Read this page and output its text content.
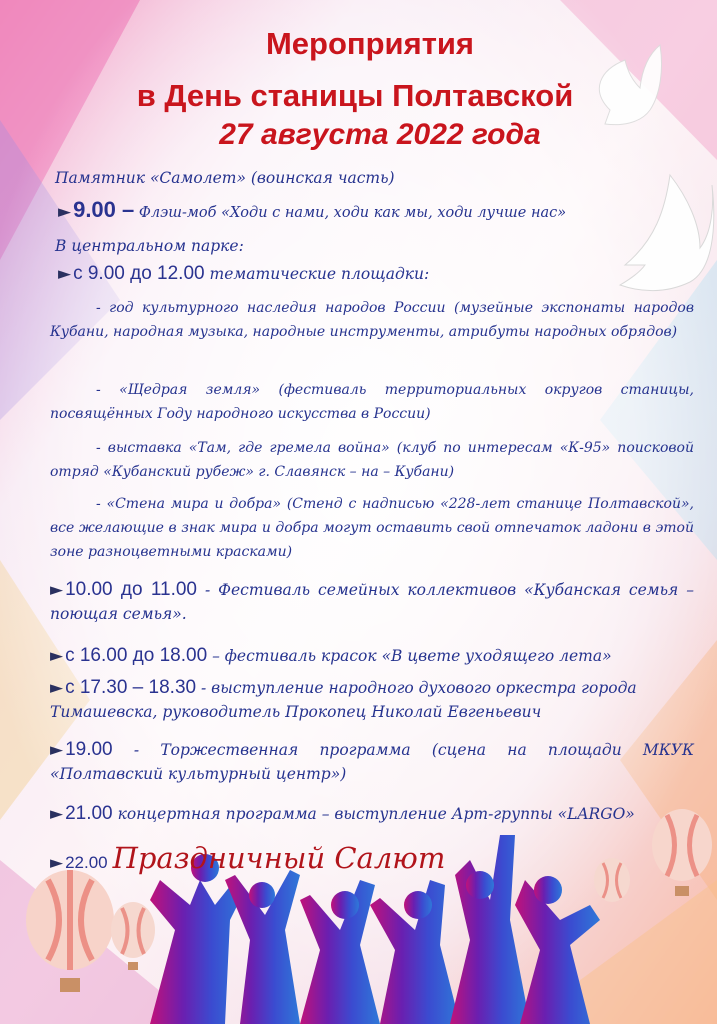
Мероприятия
в День станицы Полтавской
27 августа 2022 года
Памятник «Самолет» (воинская часть)
►9.00 – Флэш-моб «Ходи с нами, ходи как мы, ходи лучше нас»
В центральном парке:
► с 9.00 до 12.00 тематические площадки:
- год культурного наследия народов России (музейные экспонаты народов Кубани, народная музыка, народные инструменты, атрибуты народных обрядов)
- «Щедрая земля» (фестиваль территориальных округов станицы, посвящённых Году народного искусства в России)
- выставка «Там, где гремела война» (клуб по интересам «К-95» поисковой отряд «Кубанский рубеж» г. Славянск – на – Кубани)
- «Стена мира и добра» (Стенд с надписью «228-лет станице Полтавской», все желающие в знак мира и добра могут оставить свой отпечаток ладони в этой зоне разноцветными красками)
► 10.00 до 11.00 - Фестиваль семейных коллективов «Кубанская семья – поющая семья».
► с 16.00 до 18.00 – фестиваль красок «В цвете уходящего лета»
► с 17.30 – 18.30 - выступление народного духового оркестра города Тимашевска, руководитель Прокопец Николай Евгеньевич
► 19.00 - Торжественная программа (сцена на площади МКУК «Полтавский культурный центр»)
► 21.00 концертная программа – выступление Арт-группы «LARGO»
► 22.00 Праздничный Салют
